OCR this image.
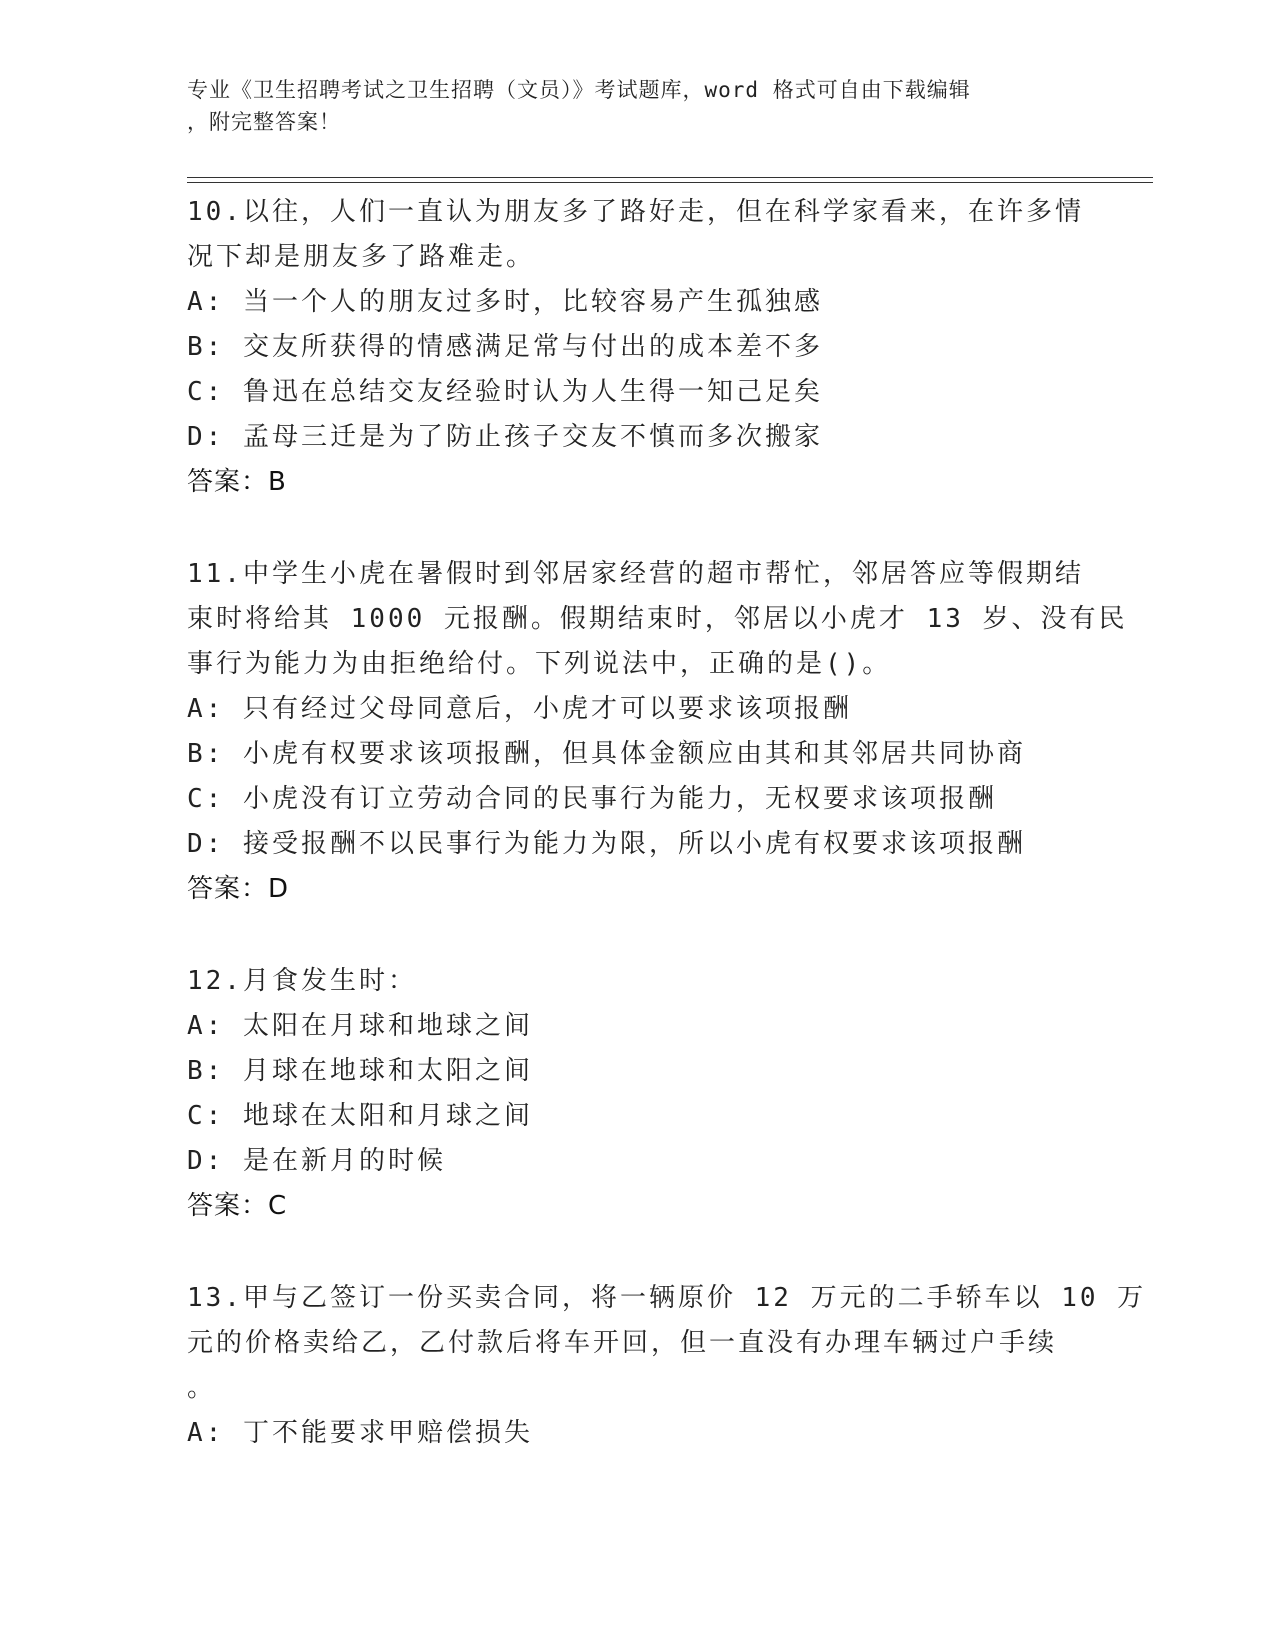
专业《卫生招聘考试之卫生招聘（文员）》考试题库，word 格式可自由下载编辑
，附完整答案！
10.以往，人们一直认为朋友多了路好走，但在科学家看来，在许多情
况下却是朋友多了路难走。
A: 当一个人的朋友过多时，比较容易产生孤独感
B: 交友所获得的情感满足常与付出的成本差不多
C: 鲁迅在总结交友经验时认为人生得一知己足矣
D: 孟母三迁是为了防止孩子交友不慎而多次搬家
答案：B
11.中学生小虎在暑假时到邻居家经营的超市帮忙，邻居答应等假期结
束时将给其 1000 元报酬。假期结束时，邻居以小虎才 13 岁、没有民
事行为能力为由拒绝给付。下列说法中，正确的是()。
A: 只有经过父母同意后，小虎才可以要求该项报酬
B: 小虎有权要求该项报酬，但具体金额应由其和其邻居共同协商
C: 小虎没有订立劳动合同的民事行为能力，无权要求该项报酬
D: 接受报酬不以民事行为能力为限，所以小虎有权要求该项报酬
答案：D
12.月食发生时：
A: 太阳在月球和地球之间
B: 月球在地球和太阳之间
C: 地球在太阳和月球之间
D: 是在新月的时候
答案：C
13.甲与乙签订一份买卖合同，将一辆原价 12 万元的二手轿车以 10 万
元的价格卖给乙，乙付款后将车开回，但一直没有办理车辆过户手续
。
A: 丁不能要求甲赔偿损失
